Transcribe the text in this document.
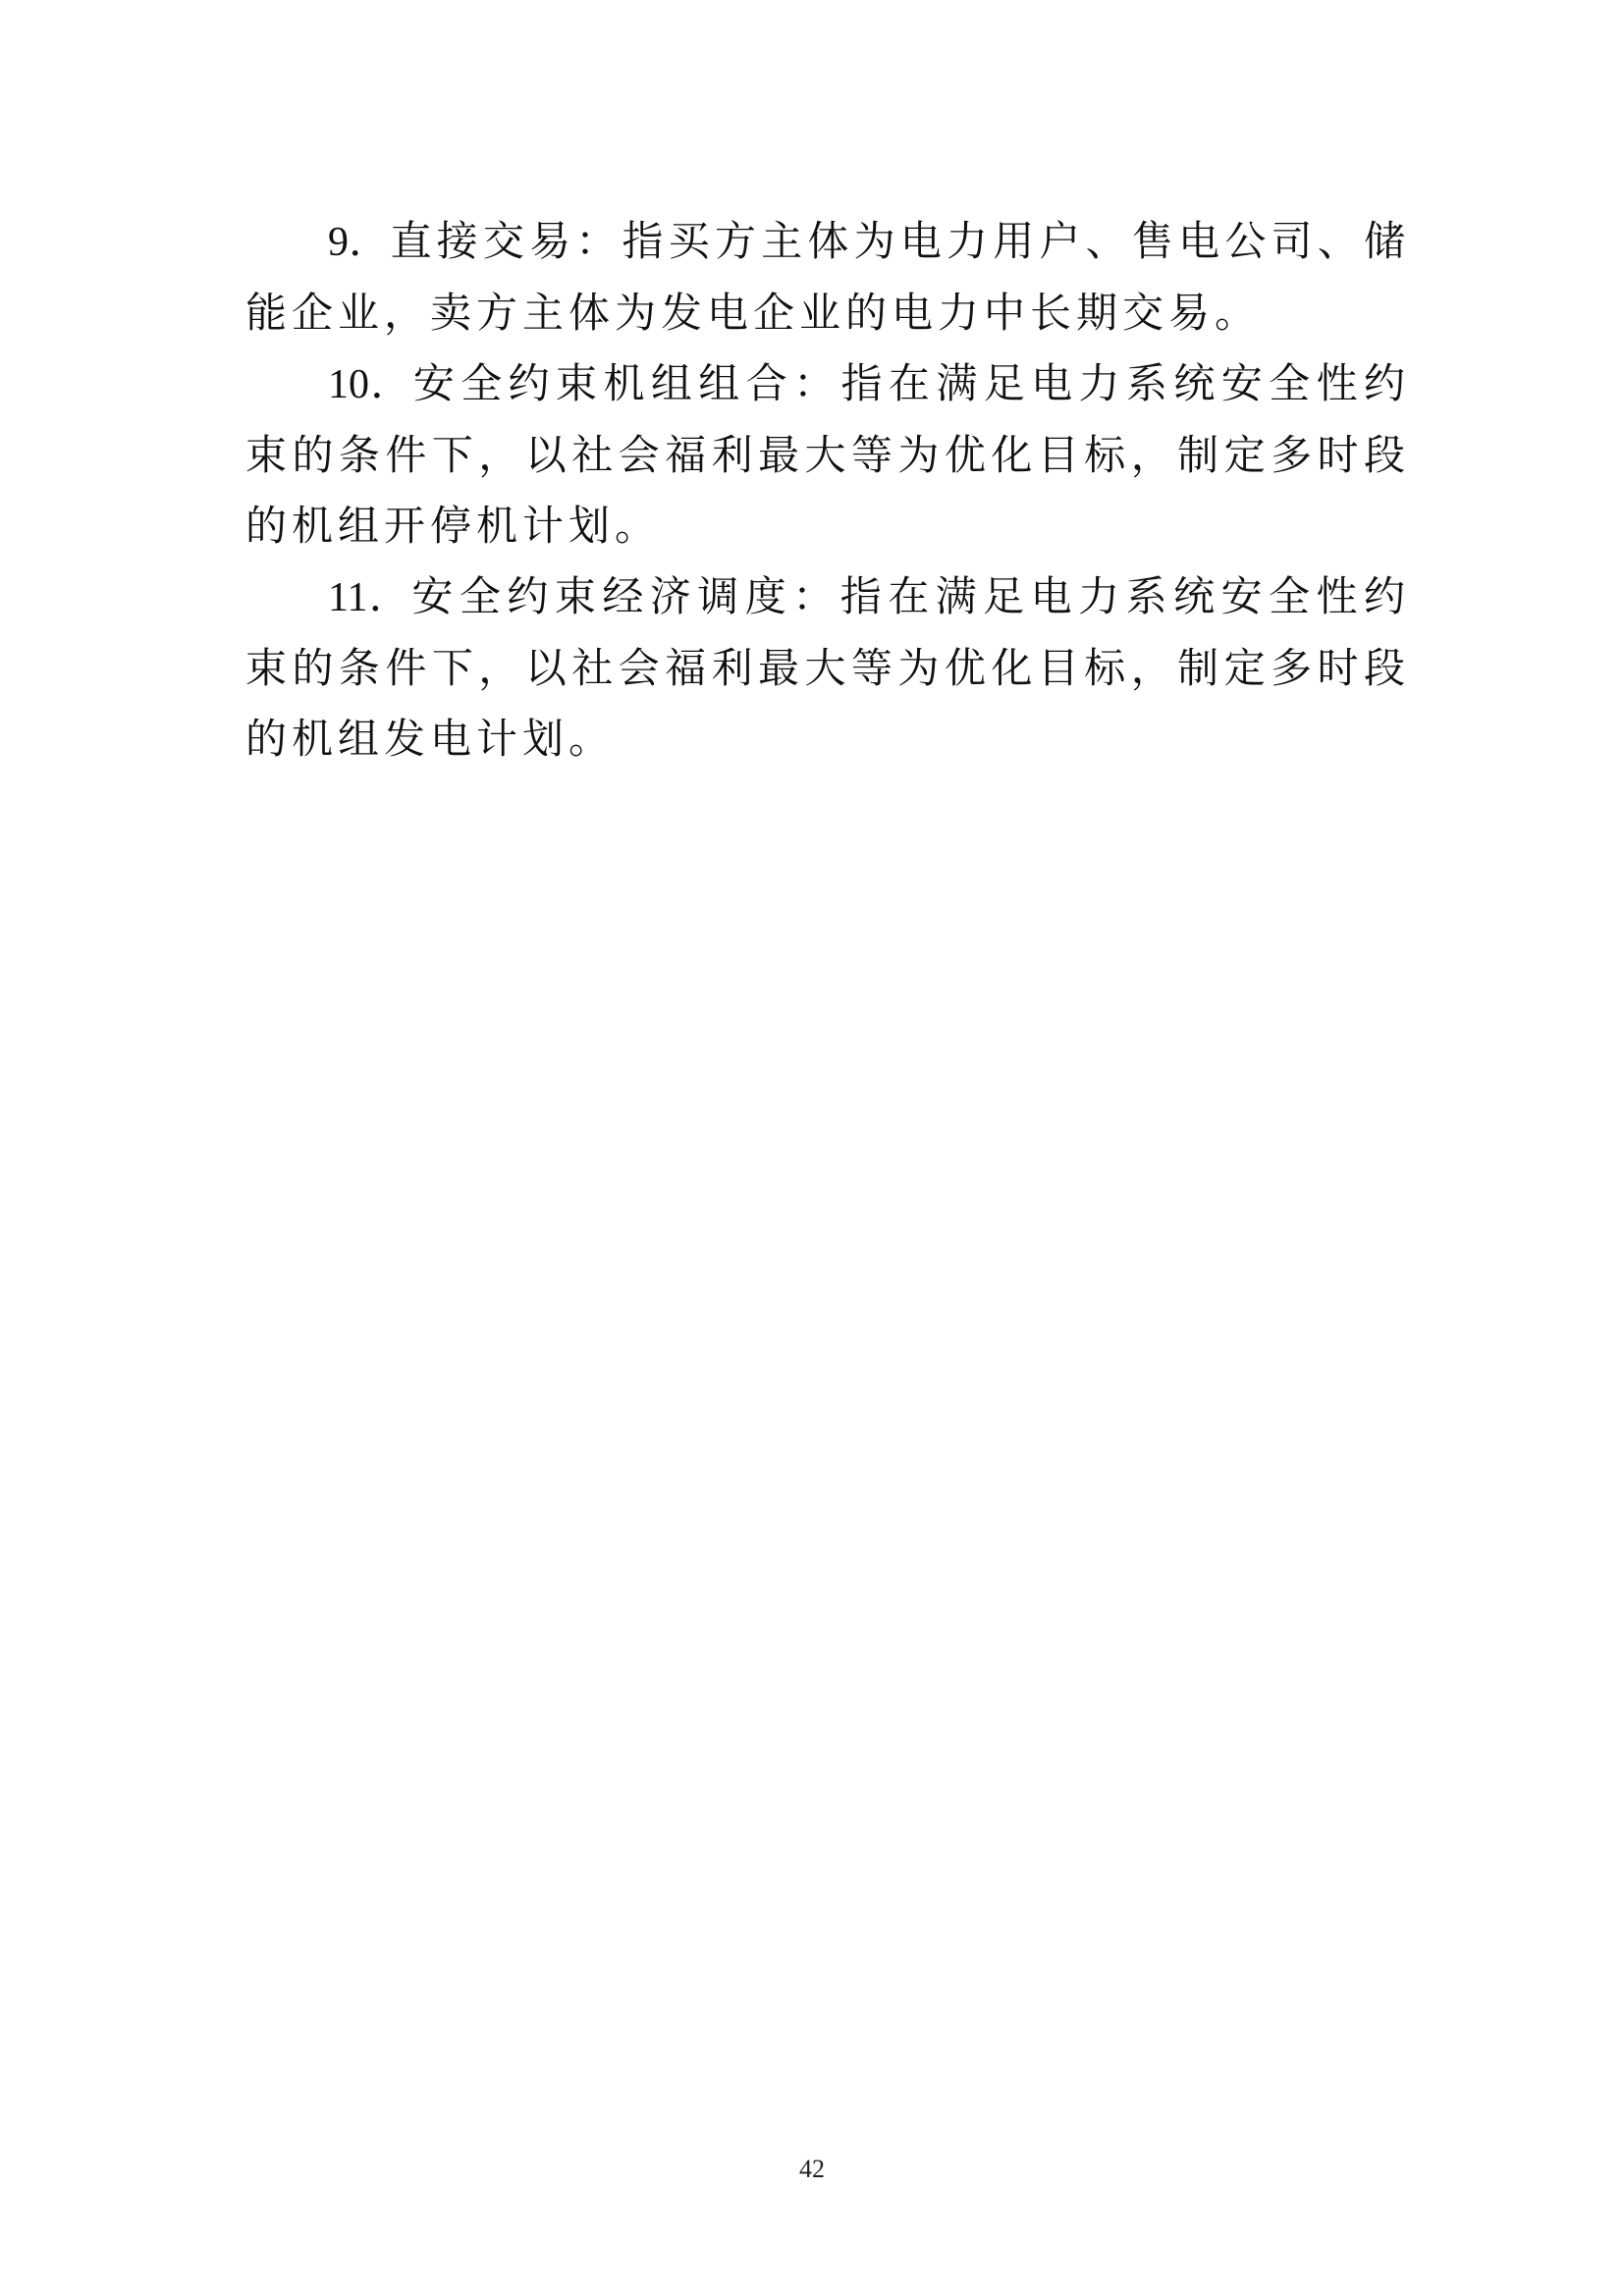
9．直接交易：指买方主体为电力用户、售电公司、储能企业，卖方主体为发电企业的电力中长期交易。

10．安全约束机组组合：指在满足电力系统安全性约束的条件下，以社会福利最大等为优化目标，制定多时段的机组开停机计划。

11．安全约束经济调度：指在满足电力系统安全性约束的条件下，以社会福利最大等为优化目标，制定多时段的机组发电计划。

42
